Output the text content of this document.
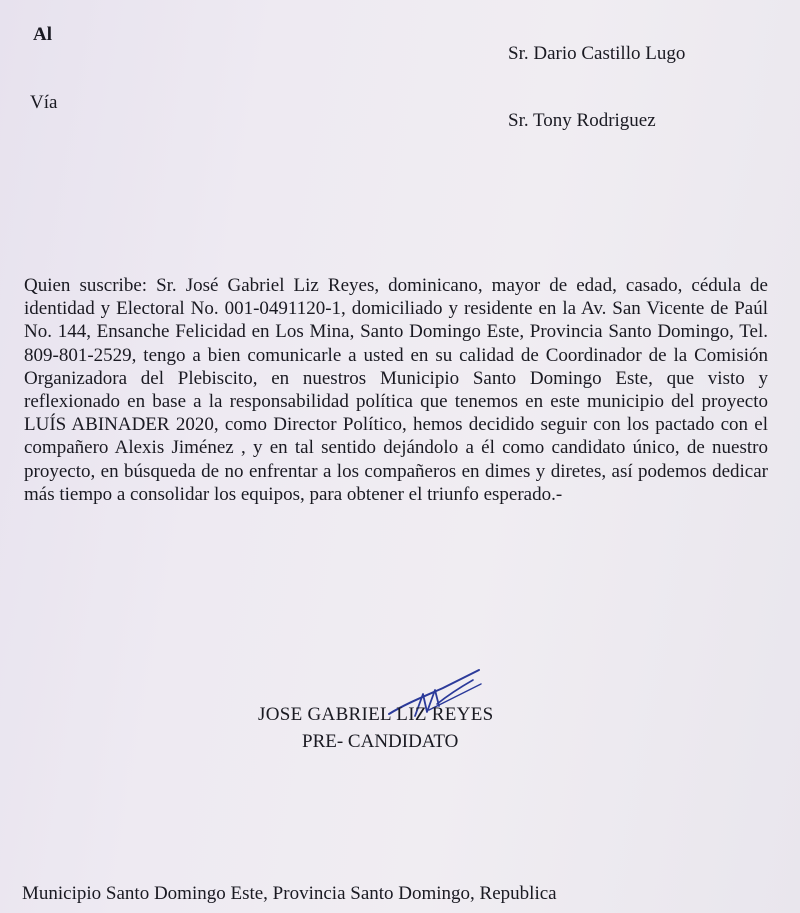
Al
Sr. Dario Castillo Lugo
Vía
Sr. Tony Rodriguez

Quien suscribe: Sr. José Gabriel Liz Reyes, dominicano, mayor de edad, casado, cédula de identidad y Electoral No. 001-0491120-1, domiciliado y residente en la Av. San Vicente de Paúl No. 144, Ensanche Felicidad en Los Mina, Santo Domingo Este, Provincia Santo Domingo, Tel. 809-801-2529, tengo a bien comunicarle a usted en su calidad de Coordinador de la Comisión Organizadora del Plebiscito, en nuestros Municipio Santo Domingo Este, que visto y reflexionado en base a la responsabilidad política que tenemos en este municipio del proyecto LUÍS ABINADER 2020, como Director Político, hemos decidido seguir con los pactado con el compañero Alexis Jiménez , y en tal sentido dejándolo a él como candidato único, de nuestro proyecto, en búsqueda de no enfrentar a los compañeros en dimes y diretes, así podemos dedicar más tiempo a consolidar los equipos, para obtener el triunfo esperado.-

JOSE GABRIEL LIZ REYES
PRE- CANDIDATO
Municipio Santo Domingo Este, Provincia Santo Domingo, Republica
